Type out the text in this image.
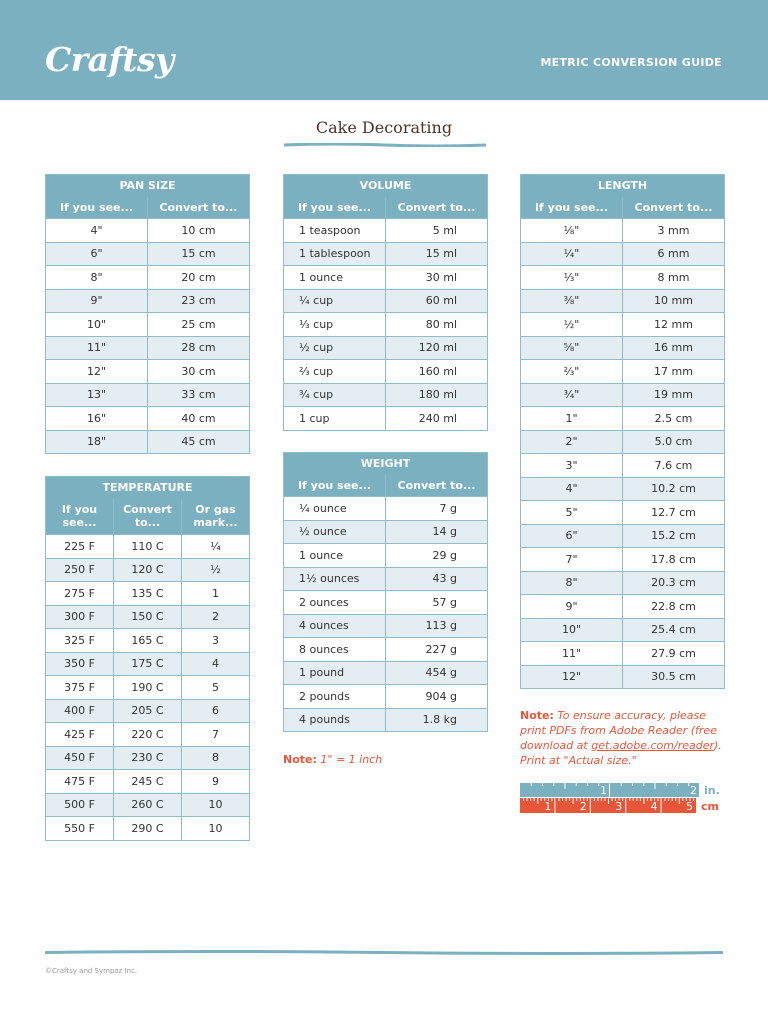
Craftsy	METRIC CONVERSION GUIDE
Cake Decorating
PAN SIZE	
If you see...	Convert to...
4"	10 cm
6"	15 cm
8"	20 cm
9"	23 cm
10"	25 cm
11"	28 cm
12"	30 cm
13"	33 cm
16"	40 cm
18"	45 cm
TEMPERATURE		
If you see...	Convert to...	Or gas mark...
225 F	110 C	¼
250 F	120 C	½
275 F	135 C	1
300 F	150 C	2
325 F	165 C	3
350 F	175 C	4
375 F	190 C	5
400 F	205 C	6
425 F	220 C	7
450 F	230 C	8
475 F	245 C	9
500 F	260 C	10
550 F	290 C	10
VOLUME	
If you see...	Convert to...
1 teaspoon	5 ml
1 tablespoon	15 ml
1 ounce	30 ml
¼ cup	60 ml
⅓ cup	80 ml
½ cup	120 ml
⅔ cup	160 ml
¾ cup	180 ml
1 cup	240 ml
WEIGHT	
If you see...	Convert to...
¼ ounce	7 g
½ ounce	14 g
1 ounce	29 g
1½ ounces	43 g
2 ounces	57 g
4 ounces	113 g
8 ounces	227 g
1 pound	454 g
2 pounds	904 g
4 pounds	1.8 kg
LENGTH	
If you see...	Convert to...
⅛"	3 mm
¼"	6 mm
⅓"	8 mm
⅜"	10 mm
½"	12 mm
⅝"	16 mm
⅔"	17 mm
¾"	19 mm
1"	2.5 cm
2"	5.0 cm
3"	7.6 cm
4"	10.2 cm
5"	12.7 cm
6"	15.2 cm
7"	17.8 cm
8"	20.3 cm
9"	22.8 cm
10"	25.4 cm
11"	27.9 cm
12"	30.5 cm
Note: 1" = 1 inch
Note: To ensure accuracy, please print PDFs from Adobe Reader (free download at get.adobe.com/reader). Print at "Actual size."
1	2
1	2	3	4	5
in.
cm
©Craftsy and Sympoz Inc.
